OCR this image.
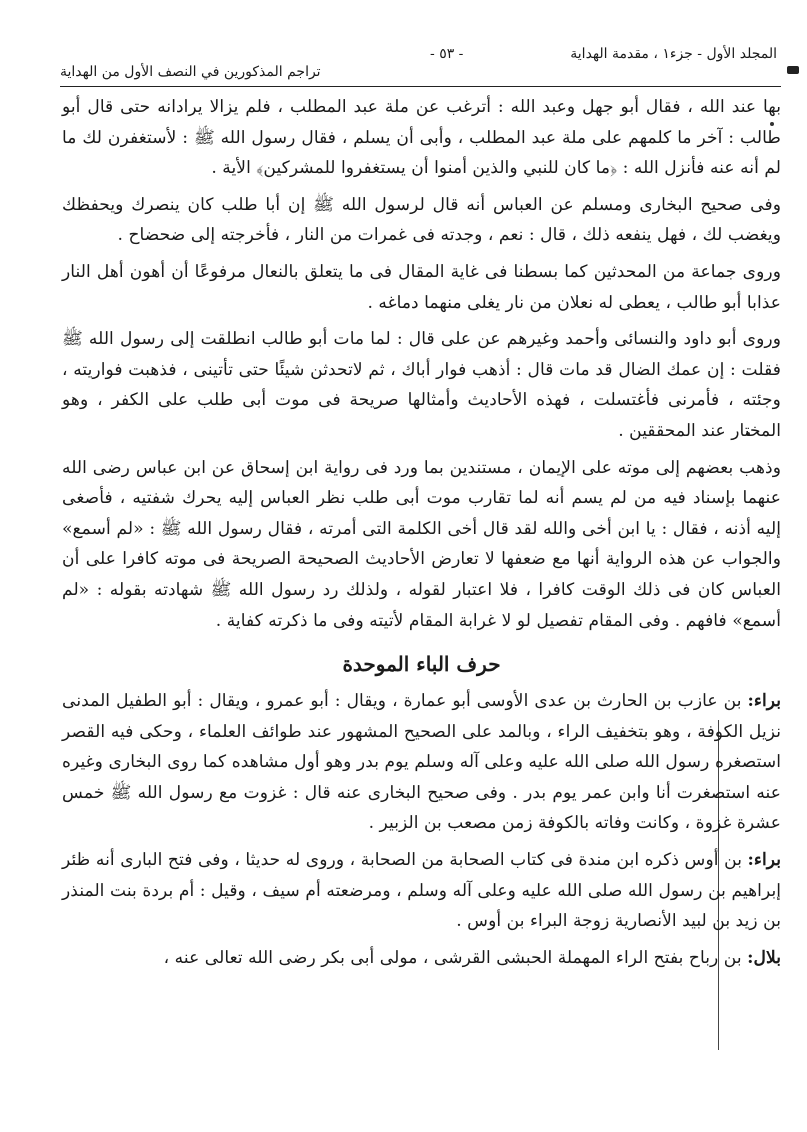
المجلد الأول - جزء١ ، مقدمة الهداية
- ٥٣ -
تراجم المذكورين في النصف الأول من الهداية

بها عند الله ، فقال أبو جهل وعبد الله : أترغب عن ملة عبد المطلب ، فلم يزالا يرادانه حتى قال أبو طالب : آخر ما كلمهم على ملة عبد المطلب ، وأبى أن يسلم ، فقال رسول الله ﷺ : لأستغفرن لك ما لم أنه عنه فأنزل الله : ﴿ما كان للنبي والذين أمنوا أن يستغفروا للمشركين﴾ الأية .

وفى صحيح البخارى ومسلم عن العباس أنه قال لرسول الله ﷺ إن أبا طلب كان ينصرك ويحفظك ويغضب لك ، فهل ينفعه ذلك ، قال : نعم ، وجدته فى غمرات من النار ، فأخرجته إلى ضحضاح .

وروى جماعة من المحدثين كما بسطنا فى غاية المقال فى ما يتعلق بالنعال مرفوعًا أن أهون أهل النار عذابا أبو طالب ، يعطى له نعلان من نار يغلى منهما دماغه .

وروى أبو داود والنسائى وأحمد وغيرهم عن على قال : لما مات أبو طالب انطلقت إلى رسول الله ﷺ فقلت : إن عمك الضال قد مات قال : أذهب فوار أباك ، ثم لاتحدثن شيئًا حتى تأتينى ، فذهبت فواريته ، وجئته ، فأمرنى فأغتسلت ، فهذه الأحاديث وأمثالها صريحة فى موت أبى طلب على الكفر ، وهو المختار عند المحققين .

وذهب بعضهم إلى موته على الإيمان ، مستندين بما ورد فى رواية ابن إسحاق عن ابن عباس رضى الله عنهما بإسناد فيه من لم يسم أنه لما تقارب موت أبى طلب نظر العباس إليه يحرك شفتيه ، فأصغى إليه أذنه ، فقال : يا ابن أخى والله لقد قال أخى الكلمة التى أمرته ، فقال رسول الله ﷺ : «لم أسمع» والجواب عن هذه الرواية أنها مع ضعفها لا تعارض الأحاديث الصحيحة الصريحة فى موته كافرا على أن العباس كان فى ذلك الوقت كافرا ، فلا اعتبار لقوله ، ولذلك رد رسول الله ﷺ شهادته بقوله : «لم أسمع» فافهم . وفى المقام تفصيل لو لا غرابة المقام لأتيته وفى ما ذكرته كفاية .

حرف الباء الموحدة

براء: بن عازب بن الحارث بن عدى الأوسى أبو عمارة ، ويقال : أبو عمرو ، ويقال : أبو الطفيل المدنى نزيل الكوفة ، وهو بتخفيف الراء ، وبالمد على الصحيح المشهور عند طوائف العلماء ، وحكى فيه القصر استصغره رسول الله صلى الله عليه وعلى آله وسلم يوم بدر وهو أول مشاهده كما روى البخارى وغيره عنه استصغرت أنا وابن عمر يوم بدر . وفى صحيح البخارى عنه قال : غزوت مع رسول الله ﷺ خمس عشرة غزوة ، وكانت وفاته بالكوفة زمن مصعب بن الزبير .

براء: بن أوس ذكره ابن مندة فى كتاب الصحابة من الصحابة ، وروى له حديثا ، وفى فتح البارى أنه ظئر إبراهيم بن رسول الله صلى الله عليه وعلى آله وسلم ، ومرضعته أم سيف ، وقيل : أم بردة بنت المنذر بن زيد بن لبيد الأنصارية زوجة البراء بن أوس .

بلال: بن رباح بفتح الراء المهملة الحبشى القرشى ، مولى أبى بكر رضى الله تعالى عنه ،
